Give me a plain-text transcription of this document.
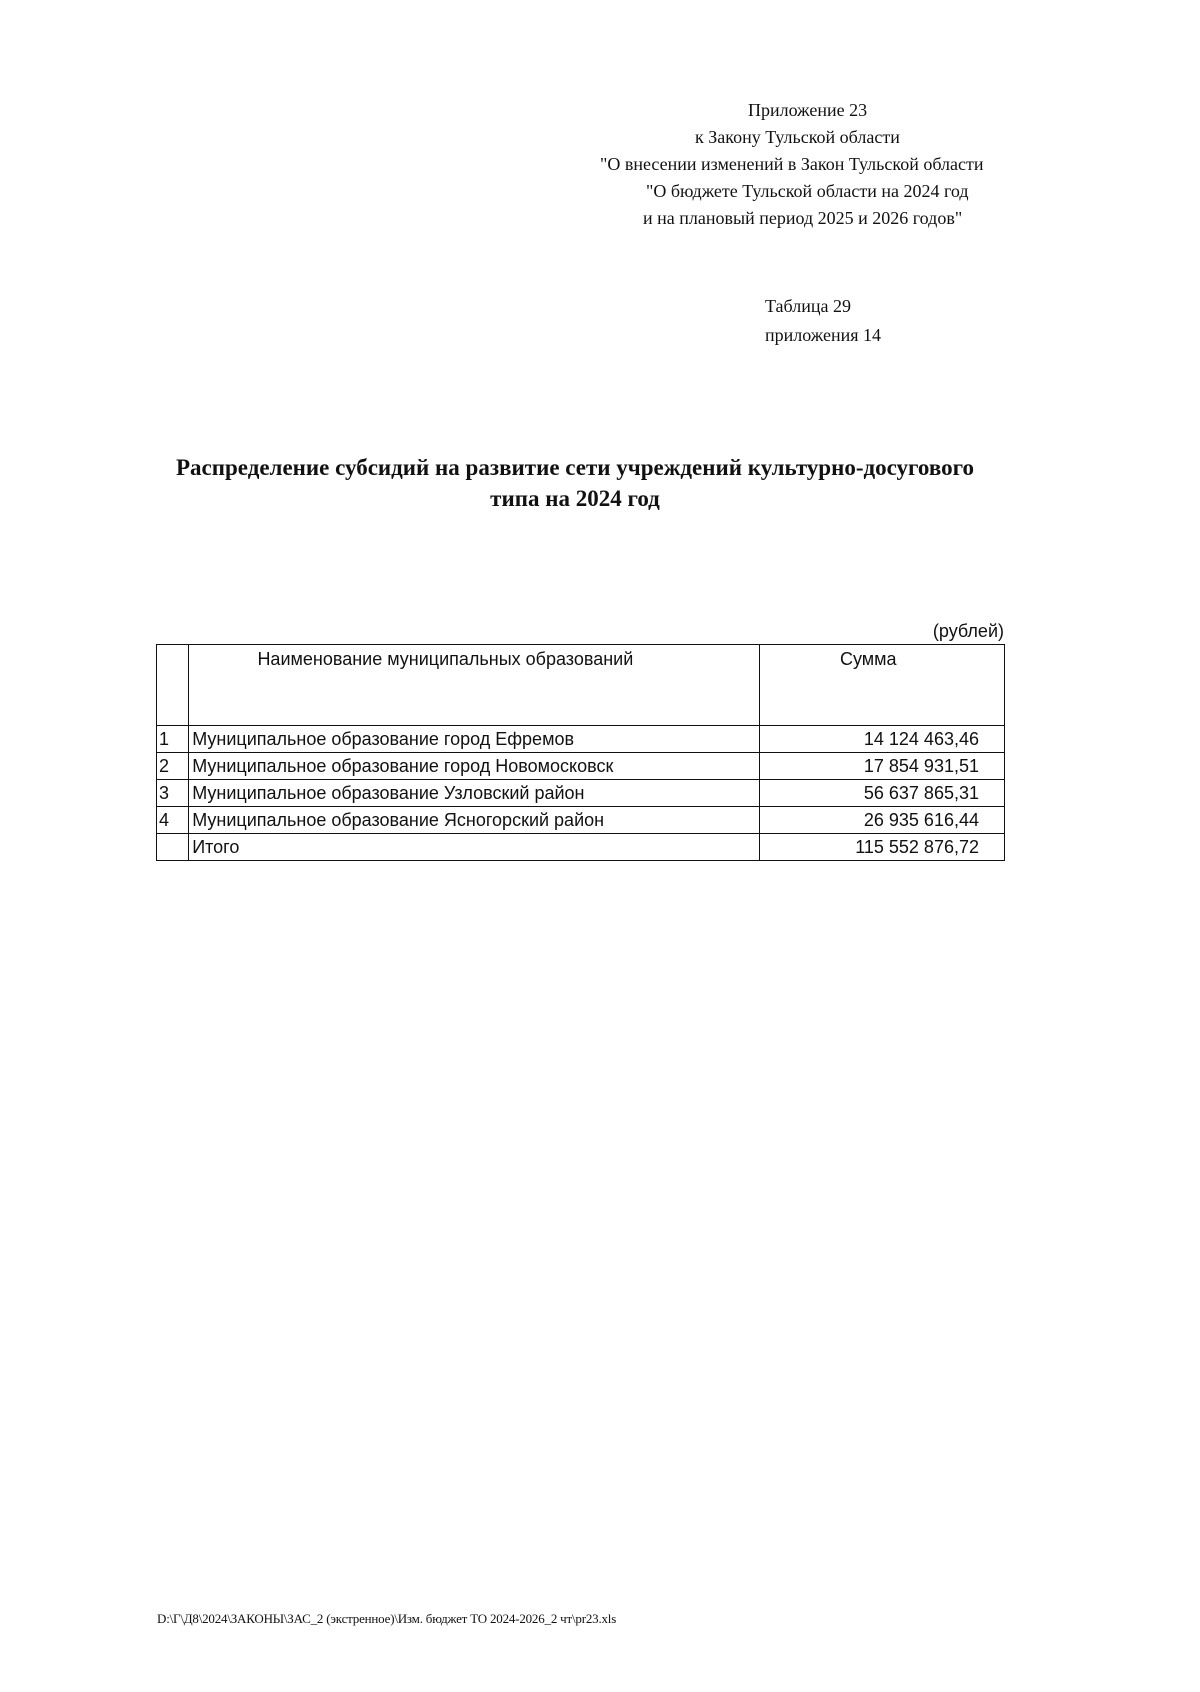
Приложение 23
к Закону Тульской области
"О внесении изменений в Закон Тульской области
"О бюджете Тульской области на 2024 год
и на плановый период 2025 и 2026 годов"
Таблица 29
приложения 14
Распределение субсидий на развитие сети учреждений культурно-досугового
типа на 2024 год
(рублей)
	Наименование муниципальных образований	Сумма
1	Муниципальное образование город Ефремов	14 124 463,46
2	Муниципальное образование город Новомосковск	17 854 931,51
3	Муниципальное образование Узловский район	56 637 865,31
4	Муниципальное образование Ясногорский район	26 935 616,44
	Итого	115 552 876,72
D:\Г\Д8\2024\ЗАКОНЫ\ЗАС_2 (экстренное)\Изм. бюджет ТО 2024-2026_2 чт\pr23.xls
